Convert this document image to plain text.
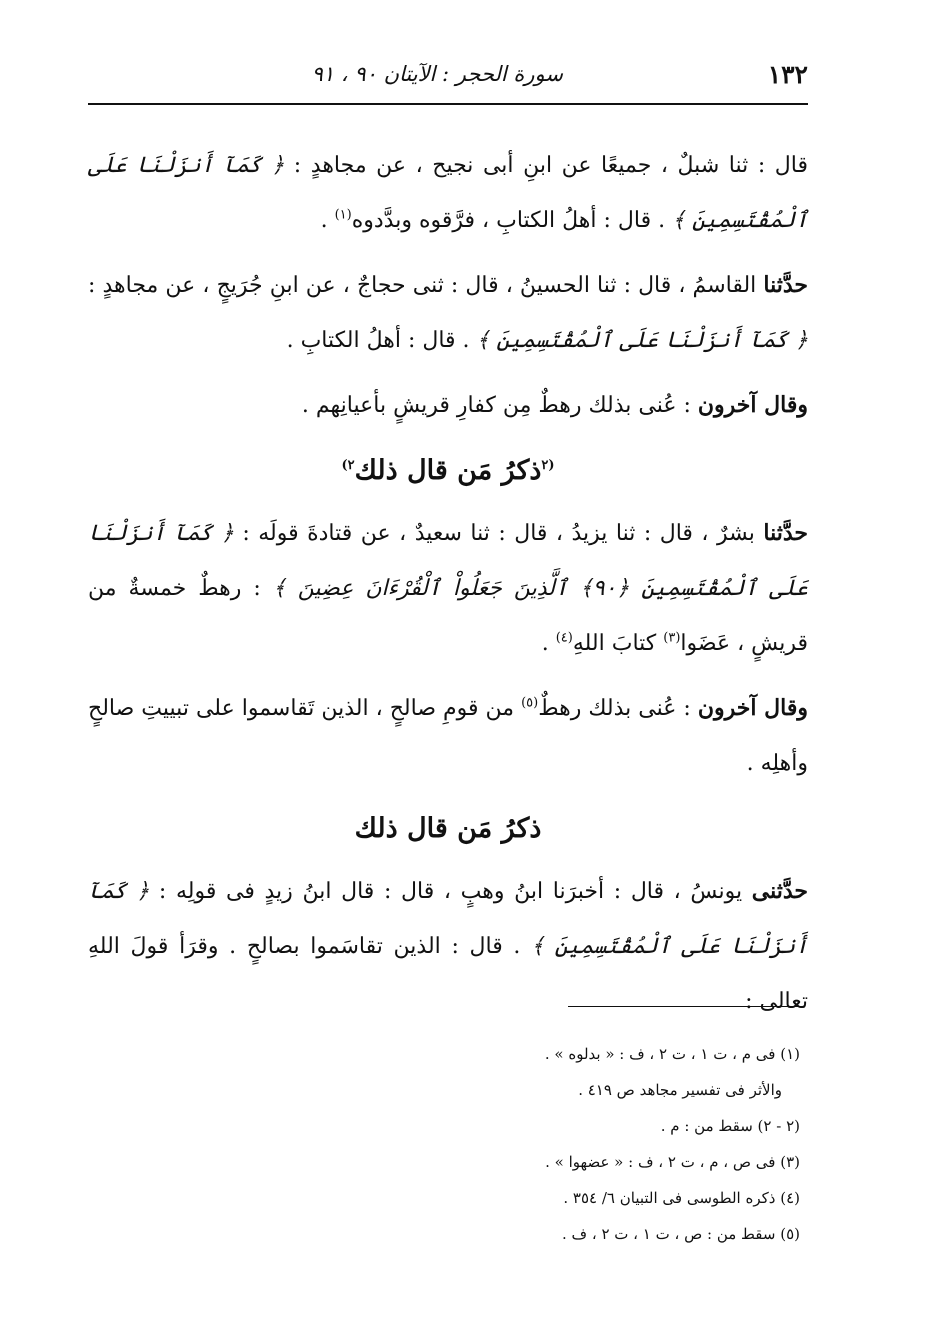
١٣٢
سورة الحجر : الآيتان ٩٠ ، ٩١

قال : ثنا شبلٌ ، جميعًا عن ابنِ أبى نجيح ، عن مجاهدٍ : ﴿ كَمَآ أَنزَلْنَا عَلَى ٱلْمُقْتَسِمِينَ ﴾ . قال : أهلُ الكتابِ ، فرَّقوه وبدَّدوه$^{(١)}$ .

حدَّثنا القاسمُ ، قال : ثنا الحسينُ ، قال : ثنى حجاجٌ ، عن ابنِ جُرَيجٍ ، عن مجاهدٍ : ﴿ كَمَآ أَنزَلْنَا عَلَى ٱلْمُقْتَسِمِينَ ﴾ . قال : أهلُ الكتابِ .

وقال آخرون : عُنى بذلك رهطٌ مِن كفارِ قريشٍ بأعيانِهم .

$^{(٢}$ذكرُ مَن قال ذلك$^{٢)}$

حدَّثنا بشرٌ ، قال : ثنا يزيدُ ، قال : ثنا سعيدٌ ، عن قتادةَ قولَه : ﴿ كَمَآ أَنزَلْنَا عَلَى ٱلْمُقْتَسِمِينَ ﴿٩٠﴾ ٱلَّذِينَ جَعَلُواْ ٱلْقُرْءَانَ عِضِينَ ﴾ : رهطٌ خمسةٌ من قريشٍ ، عَضَوا$^{(٣)}$ كتابَ اللهِ$^{(٤)}$ .

وقال آخرون : عُنى بذلك رهطٌ$^{(٥)}$ من قومِ صالحٍ ، الذين تَقاسموا على تبييتِ صالحٍ وأهلِه .

ذكرُ مَن قال ذلك

حدَّثنى يونسُ ، قال : أخبرَنا ابنُ وهبٍ ، قال : قال ابنُ زيدٍ فى قولِه : ﴿ كَمَآ أَنزَلْنَا عَلَى ٱلْمُقْتَسِمِينَ ﴾ . قال : الذين تقاسَموا بصالحٍ . وقرَأ قولَ اللهِ تعالى :

(١) فى م ، ت ١ ، ت ٢ ، ف : « بدلوه » .

والأثر فى تفسير مجاهد ص ٤١٩ .

(٢ - ٢) سقط من : م .

(٣) فى ص ، م ، ت ٢ ، ف : « عضهوا » .

(٤) ذكره الطوسى فى التبيان ٦/ ٣٥٤ .

(٥) سقط من : ص ، ت ١ ، ت ٢ ، ف .
